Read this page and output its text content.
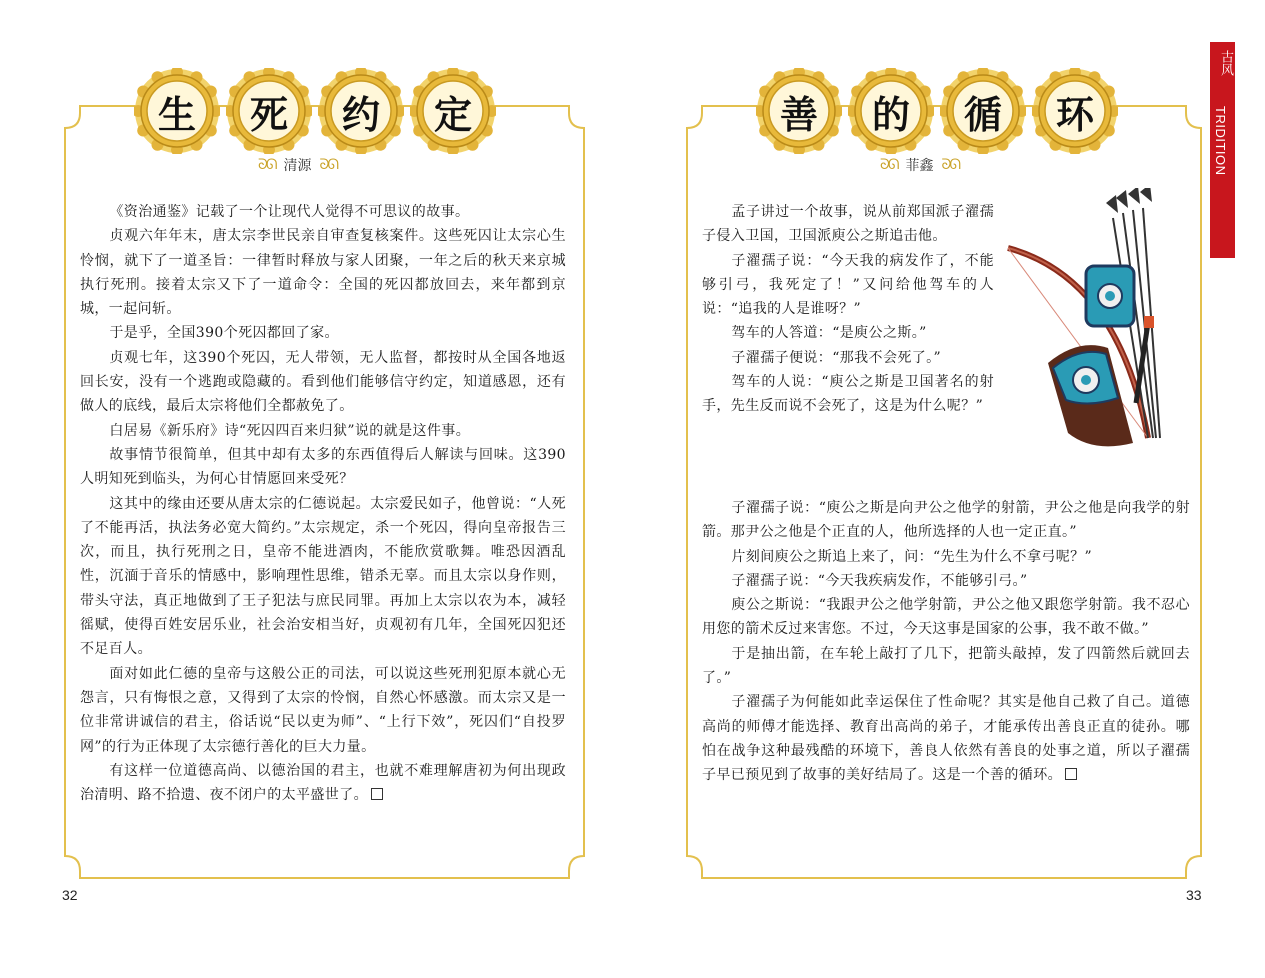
生 死 约 定
ᘐᘏ 清源 ᘐᘏ

《资治通鉴》记载了一个让现代人觉得不可思议的故事。

贞观六年年末，唐太宗李世民亲自审查复核案件。这些死囚让太宗心生怜悯，就下了一道圣旨：一律暂时释放与家人团聚，一年之后的秋天来京城执行死刑。接着太宗又下了一道命令：全国的死囚都放回去，来年都到京城，一起问斩。

于是乎，全国390个死囚都回了家。

贞观七年，这390个死囚，无人带领，无人监督，都按时从全国各地返回长安，没有一个逃跑或隐藏的。看到他们能够信守约定，知道感恩，还有做人的底线，最后太宗将他们全都赦免了。

白居易《新乐府》诗“死囚四百来归狱”说的就是这件事。

故事情节很简单，但其中却有太多的东西值得后人解读与回味。这390人明知死到临头，为何心甘情愿回来受死？

这其中的缘由还要从唐太宗的仁德说起。太宗爱民如子，他曾说：“人死了不能再活，执法务必宽大简约。”太宗规定，杀一个死囚，得向皇帝报告三次，而且，执行死刑之日，皇帝不能进酒肉，不能欣赏歌舞。唯恐因酒乱性，沉湎于音乐的情感中，影响理性思维，错杀无辜。而且太宗以身作则，带头守法，真正地做到了王子犯法与庶民同罪。再加上太宗以农为本，减轻徭赋，使得百姓安居乐业，社会治安相当好，贞观初有几年，全国死囚犯还不足百人。

面对如此仁德的皇帝与这般公正的司法，可以说这些死刑犯原本就心无怨言，只有悔恨之意，又得到了太宗的怜悯，自然心怀感激。而太宗又是一位非常讲诚信的君主，俗话说“民以吏为师”、“上行下效”，死囚们“自投罗网”的行为正体现了太宗德行善化的巨大力量。

有这样一位道德高尚、以德治国的君主，也就不难理解唐初为何出现政治清明、路不拾遗、夜不闭户的太平盛世了。

32
善 的 循 环
ᘐᘏ 菲鑫 ᘐᘏ

孟子讲过一个故事，说从前郑国派子濯孺子侵入卫国，卫国派庾公之斯追击他。

子濯孺子说：“今天我的病发作了，不能够引弓，我死定了！”又问给他驾车的人说：“追我的人是谁呀？”

驾车的人答道：“是庾公之斯。”

子濯孺子便说：“那我不会死了。”

驾车的人说：“庾公之斯是卫国著名的射手，先生反而说不会死了，这是为什么呢？”

子濯孺子说：“庾公之斯是向尹公之他学的射箭，尹公之他是向我学的射箭。那尹公之他是个正直的人，他所选择的人也一定正直。”

片刻间庾公之斯追上来了，问：“先生为什么不拿弓呢？”

子濯孺子说：“今天我疾病发作，不能够引弓。”

庾公之斯说：“我跟尹公之他学射箭，尹公之他又跟您学射箭。我不忍心用您的箭术反过来害您。不过，今天这事是国家的公事，我不敢不做。”

于是抽出箭，在车轮上敲打了几下，把箭头敲掉，发了四箭然后就回去了。”

子濯孺子为何能如此幸运保住了性命呢？其实是他自己救了自己。道德高尚的师傅才能选择、教育出高尚的弟子，才能承传出善良正直的徒孙。哪怕在战争这种最残酷的环境下，善良人依然有善良的处事之道，所以子濯孺子早已预见到了故事的美好结局了。这是一个善的循环。

古风
TRIDITION
33
